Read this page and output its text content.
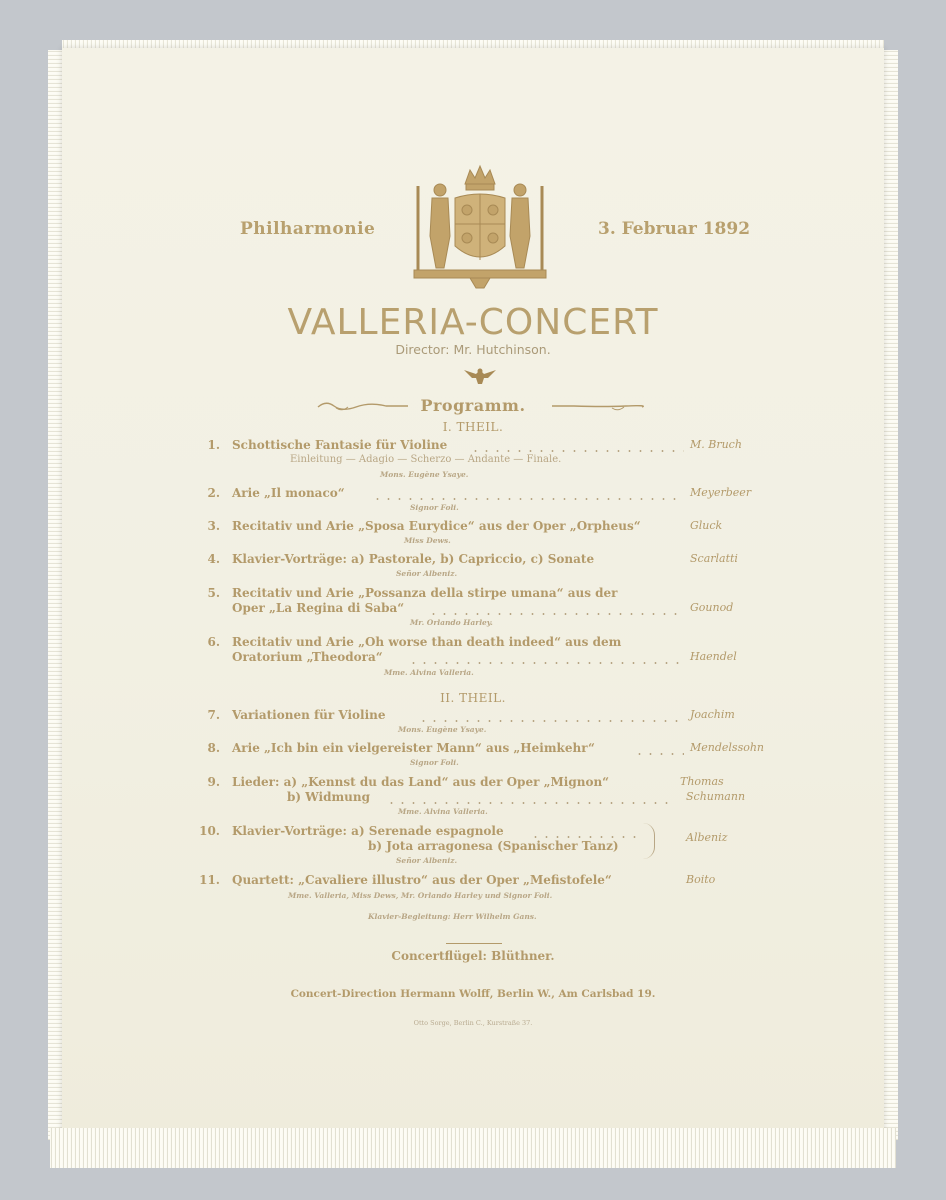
Philharmonie	3. Februar 1892
VALLERIA-CONCERT
Director: Mr. Hutchinson.
Programm.
I. THEIL.
1. Schottische Fantasie für Violine	M. Bruch
Einleitung — Adagio — Scherzo — Andante — Finale.
Mons. Eugène Ysaye.
2. Arie „Il monaco“	Meyerbeer
Signor Foli.
3. Recitativ und Arie „Sposa Eurydice“ aus der Oper „Orpheus“	Gluck
Miss Dews.
4. Klavier-Vorträge: a) Pastorale, b) Capriccio, c) Sonate	Scarlatti
Señor Albeniz.
5. Recitativ und Arie „Possanza della stirpe umana“ aus der
Oper „La Regina di Saba“	Gounod
Mr. Orlando Harley.
6. Recitativ und Arie „Oh worse than death indeed“ aus dem
Oratorium „Theodora“	Haendel
Mme. Alvina Valleria.
II. THEIL.
7. Variationen für Violine	Joachim
Mons. Eugène Ysaye.
8. Arie „Ich bin ein vielgereister Mann“ aus „Heimkehr“	Mendelssohn
Signor Foli.
9. Lieder: a) „Kennst du das Land“ aus der Oper „Mignon“	Thomas
b) Widmung	Schumann
Mme. Alvina Valleria.
10. Klavier-Vorträge: a) Serenade espagnole
b) Jota arragonesa (Spanischer Tanz)
Albeniz
Señor Albeniz.
11. Quartett: „Cavaliere illustro“ aus der Oper „Mefistofele“	Boito
Mme. Valleria, Miss Dews, Mr. Orlando Harley und Signor Foli.
Klavier-Begleitung: Herr Wilhelm Gans.
Concertflügel: Blüthner.
Concert-Direction Hermann Wolff, Berlin W., Am Carlsbad 19.
Otto Sorge, Berlin C., Kurstraße 37.
